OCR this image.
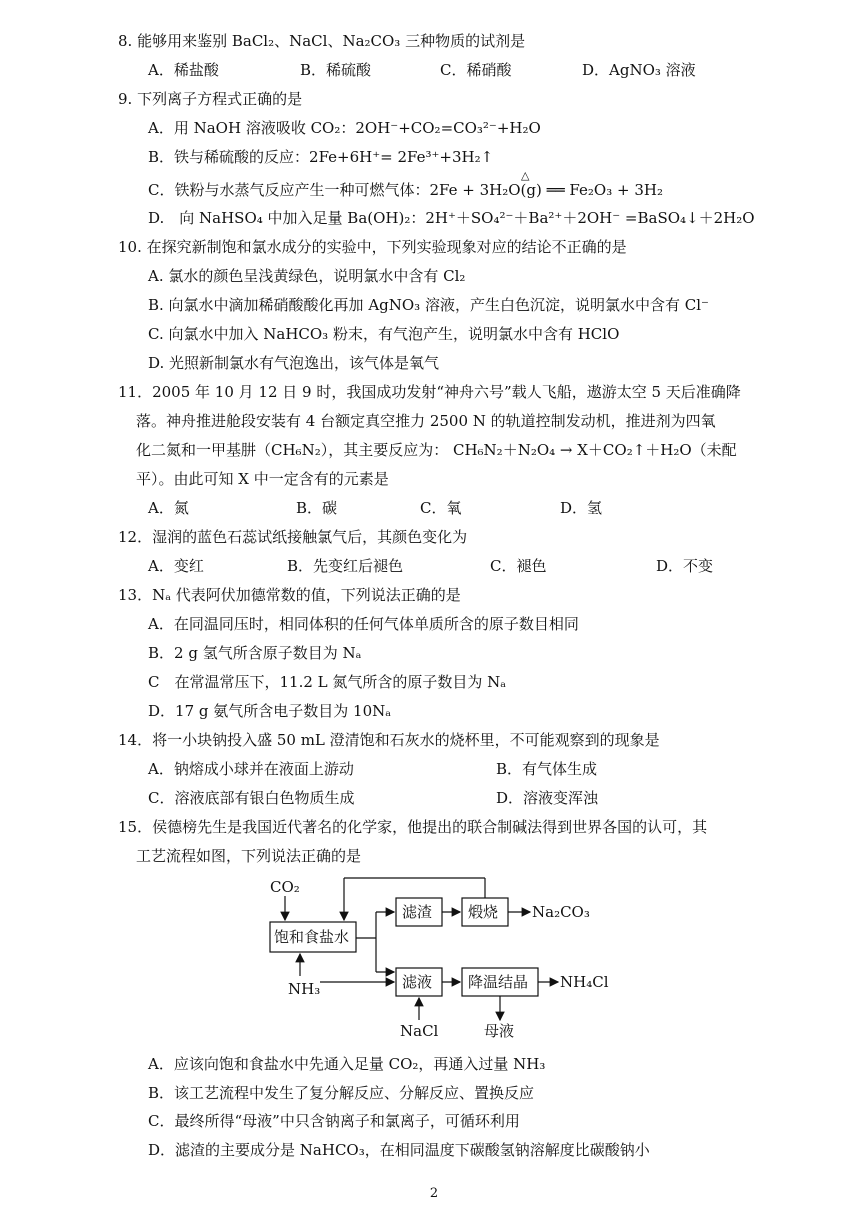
8. 能够用来鉴别 BaCl₂、NaCl、Na₂CO₃ 三种物质的试剂是
A．稀盐酸	B．稀硫酸	C．稀硝酸	D．AgNO₃ 溶液
9. 下列离子方程式正确的是
A．用 NaOH 溶液吸收 CO₂：2OH⁻+CO₂=CO₃²⁻+H₂O
B．铁与稀硫酸的反应：2Fe+6H⁺= 2Fe³⁺+3H₂↑
△
C．铁粉与水蒸气反应产生一种可燃气体：2Fe + 3H₂O(g) ══ Fe₂O₃ + 3H₂
D.　向 NaHSO₄ 中加入足量 Ba(OH)₂：2H⁺＋SO₄²⁻＋Ba²⁺＋2OH⁻ =BaSO₄↓＋2H₂O
10. 在探究新制饱和氯水成分的实验中，下列实验现象对应的结论不正确的是
A. 氯水的颜色呈浅黄绿色，说明氯水中含有 Cl₂
B. 向氯水中滴加稀硝酸酸化再加 AgNO₃ 溶液，产生白色沉淀，说明氯水中含有 Cl⁻
C. 向氯水中加入 NaHCO₃ 粉末，有气泡产生，说明氯水中含有 HClO
D. 光照新制氯水有气泡逸出，该气体是氧气
11．2005 年 10 月 12 日 9 时，我国成功发射“神舟六号”载人飞船，遨游太空 5 天后准确降
落。神舟推进舱段安装有 4 台额定真空推力 2500 N 的轨道控制发动机，推进剂为四氧
化二氮和一甲基肼（CH₆N₂），其主要反应为： CH₆N₂＋N₂O₄ → X＋CO₂↑＋H₂O（未配
平）。由此可知 X 中一定含有的元素是
A．氮	B．碳	C．氧	D．氢
12．湿润的蓝色石蕊试纸接触氯气后，其颜色变化为
A．变红	B．先变红后褪色	C．褪色	D．不变
13．Nₐ 代表阿伏加德常数的值，下列说法正确的是
A．在同温同压时，相同体积的任何气体单质所含的原子数目相同
B．2 g 氢气所含原子数目为 Nₐ
C　在常温常压下，11.2 L 氮气所含的原子数目为 Nₐ
D．17 g 氨气所含电子数目为 10Nₐ
14．将一小块钠投入盛 50 mL 澄清饱和石灰水的烧杯里，不可能观察到的现象是
A．钠熔成小球并在液面上游动	B．有气体生成
C．溶液底部有银白色物质生成	D．溶液变浑浊
15．侯德榜先生是我国近代著名的化学家，他提出的联合制碱法得到世界各国的认可，其
工艺流程如图，下列说法正确的是
CO₂
饱和食盐水
NH₃
滤渣 煅烧 Na₂CO₃
滤液 降温结晶 NH₄Cl
NaCl	母液
A．应该向饱和食盐水中先通入足量 CO₂，再通入过量 NH₃
B．该工艺流程中发生了复分解反应、分解反应、置换反应
C．最终所得“母液”中只含钠离子和氯离子，可循环利用
D．滤渣的主要成分是 NaHCO₃，在相同温度下碳酸氢钠溶解度比碳酸钠小
2
